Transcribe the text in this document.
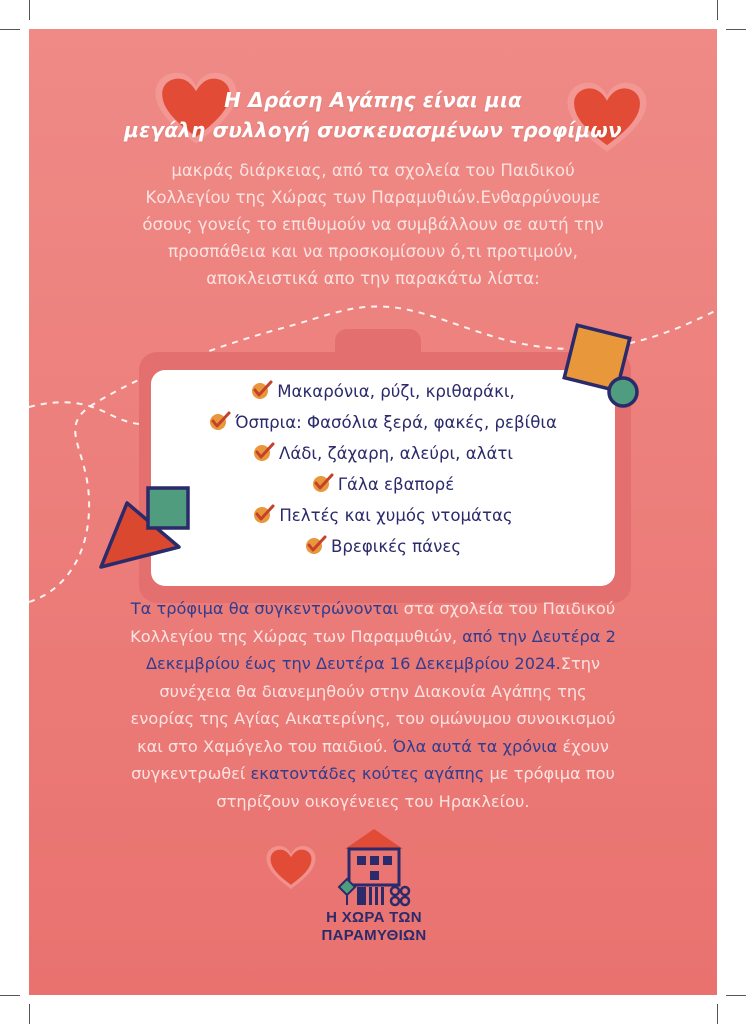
Η Δράση Αγάπης είναι μια
μεγάλη συλλογή συσκευασμένων τροφίμων
μακράς διάρκειας, από τα σχολεία του Παιδικού
Κολλεγίου της Χώρας των Παραμυθιών.Ενθαρρύνουμε
όσους γονείς το επιθυμούν να συμβάλλουν σε αυτή την
προσπάθεια και να προσκομίσουν ό,τι προτιμούν,
αποκλειστικά απο την παρακάτω λίστα:
Μακαρόνια, ρύζι, κριθαράκι,
Όσπρια: Φασόλια ξερά, φακές, ρεβίθια
Λάδι, ζάχαρη, αλεύρι, αλάτι
Γάλα εβαπορέ
Πελτές και χυμός ντομάτας
Βρεφικές πάνες
Τα τρόφιμα θα συγκεντρώνονται στα σχολεία του Παιδικού
Κολλεγίου της Χώρας των Παραμυθιών, από την Δευτέρα 2
Δεκεμβρίου έως την Δευτέρα 16 Δεκεμβρίου 2024.Στην
συνέχεια θα διανεμηθούν στην Διακονία Αγάπης της
ενορίας της Αγίας Αικατερίνης, του ομώνυμου συνοικισμού
και στο Χαμόγελο του παιδιού. Όλα αυτά τα χρόνια έχουν
συγκεντρωθεί εκατοντάδες κούτες αγάπης με τρόφιμα που
στηρίζουν οικογένειες του Ηρακλείου.
Η ΧΩΡΑ ΤΩΝ
ΠΑΡΑΜΥΘΙΩΝ
